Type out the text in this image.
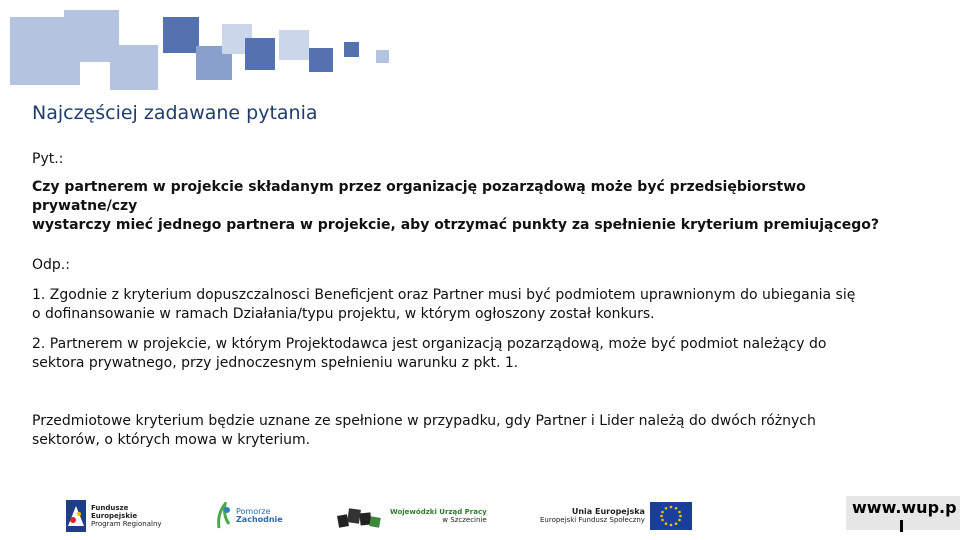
Najczęściej zadawane pytania
Pyt.:
Czy partnerem w projekcie składanym przez organizację pozarządową może być przedsiębiorstwo prywatne/czy
wystarczy mieć jednego partnera w projekcie, aby otrzymać punkty za spełnienie kryterium premiującego?
Odp.:
1. Zgodnie z kryterium dopuszczalnosci Beneficjent oraz Partner musi być podmiotem uprawnionym do ubiegania się
o dofinansowanie w ramach Działania/typu projektu, w którym ogłoszony został konkurs.
2. Partnerem w projekcie, w którym Projektodawca jest organizacją pozarządową, może być podmiot należący do
sektora prywatnego, przy jednoczesnym spełnieniu warunku z pkt. 1.
Przedmiotowe kryterium będzie uznane ze spełnione w przypadku, gdy Partner i Lider należą do dwóch różnych
sektorów, o których mowa w kryterium.
Fundusze
Europejskie
Program Regionalny
Pomorze
Zachodnie
Wojewódzki Urząd Pracy
w Szczecinie
Unia Europejska
Europejski Fundusz Społeczny
www.wup.p
